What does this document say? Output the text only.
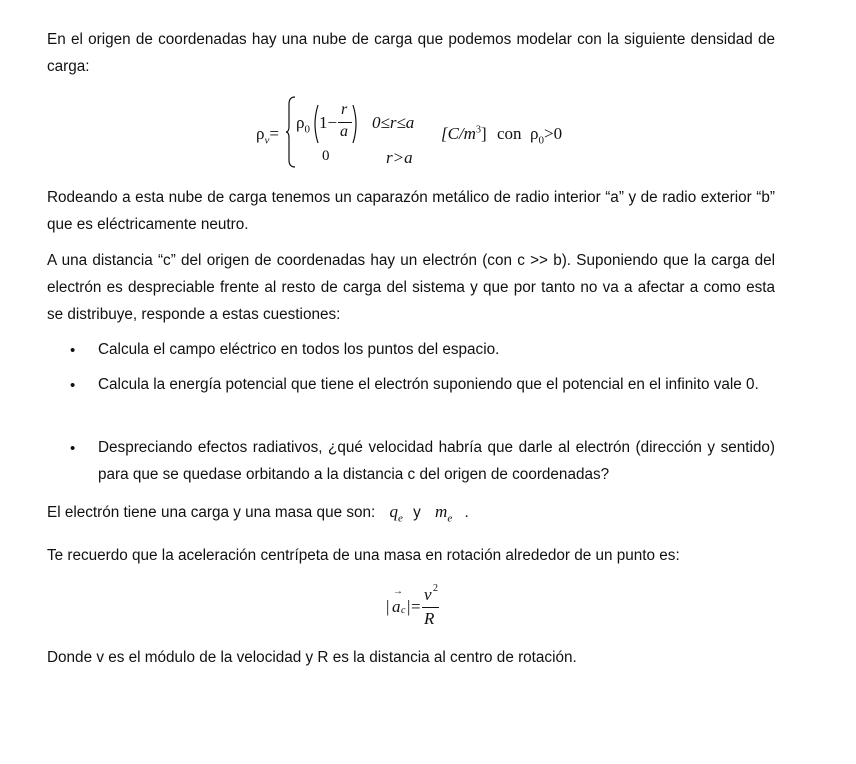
En el origen de coordenadas hay una nube de carga que podemos modelar con la siguiente densidad de carga:

$\rho_v=$
$\rho_0$ 1−
r
a 0≤r≤a
0	r>a
$[C/m^3]$ con $\rho_0>0$

Rodeando a esta nube de carga tenemos un caparazón metálico de radio interior “a” y de radio exterior “b” que es eléctricamente neutro.

A una distancia “c” del origen de coordenadas hay un electrón (con c >> b). Suponiendo que la carga del electrón es despreciable frente al resto de carga del sistema y que por tanto no va a afectar a como esta se distribuye, responde a estas cuestiones:

• Calcula el campo eléctrico en todos los puntos del espacio.

• Calcula la energía potencial que tiene el electrón suponiendo que el potencial en el infinito vale 0.

• Despreciando efectos radiativos, ¿qué velocidad habría que darle al electrón (dirección y sentido) para que se quedase orbitando a la distancia c del origen de coordenadas?

El electrón tiene una carga y una masa que son: $q_e$ y $m_e$ .

Te recuerdo que la aceleración centrípeta de una masa en rotación alrededor de un punto es:

|
→
a c | =
v 2
R

Donde v es el módulo de la velocidad y R es la distancia al centro de rotación.
